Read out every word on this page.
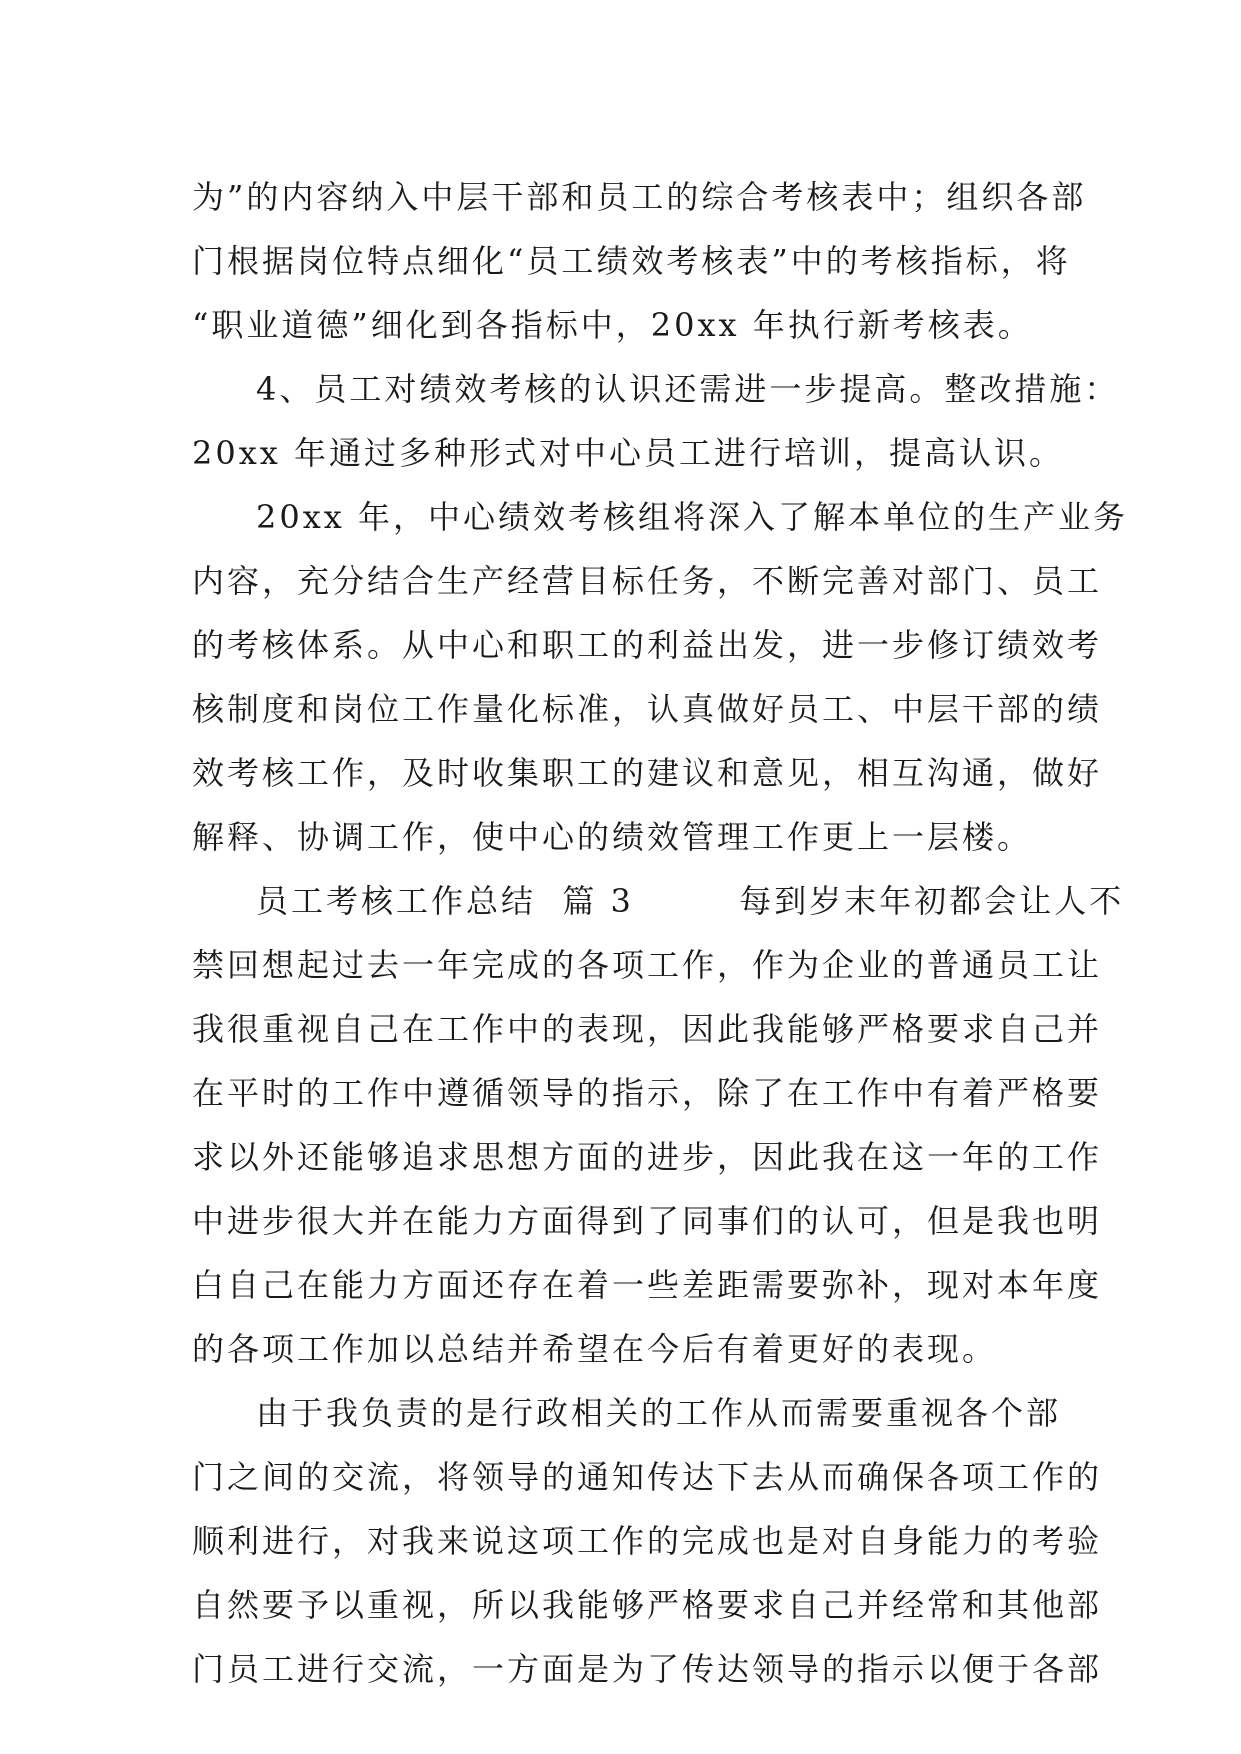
为”的内容纳入中层干部和员工的综合考核表中；组织各部
门根据岗位特点细化“员工绩效考核表”中的考核指标，将
“职业道德”细化到各指标中，20xx 年执行新考核表。
4、员工对绩效考核的认识还需进一步提高。整改措施：
20xx 年通过多种形式对中心员工进行培训，提高认识。
20xx 年，中心绩效考核组将深入了解本单位的生产业务
内容，充分结合生产经营目标任务，不断完善对部门、员工
的考核体系。从中心和职工的利益出发，进一步修订绩效考
核制度和岗位工作量化标准，认真做好员工、中层干部的绩
效考核工作，及时收集职工的建议和意见，相互沟通，做好
解释、协调工作，使中心的绩效管理工作更上一层楼。
员工考核工作总结  篇 3        每到岁末年初都会让人不
禁回想起过去一年完成的各项工作，作为企业的普通员工让
我很重视自己在工作中的表现，因此我能够严格要求自己并
在平时的工作中遵循领导的指示，除了在工作中有着严格要
求以外还能够追求思想方面的进步，因此我在这一年的工作
中进步很大并在能力方面得到了同事们的认可，但是我也明
白自己在能力方面还存在着一些差距需要弥补，现对本年度
的各项工作加以总结并希望在今后有着更好的表现。
由于我负责的是行政相关的工作从而需要重视各个部
门之间的交流，将领导的通知传达下去从而确保各项工作的
顺利进行，对我来说这项工作的完成也是对自身能力的考验
自然要予以重视，所以我能够严格要求自己并经常和其他部
门员工进行交流，一方面是为了传达领导的指示以便于各部
